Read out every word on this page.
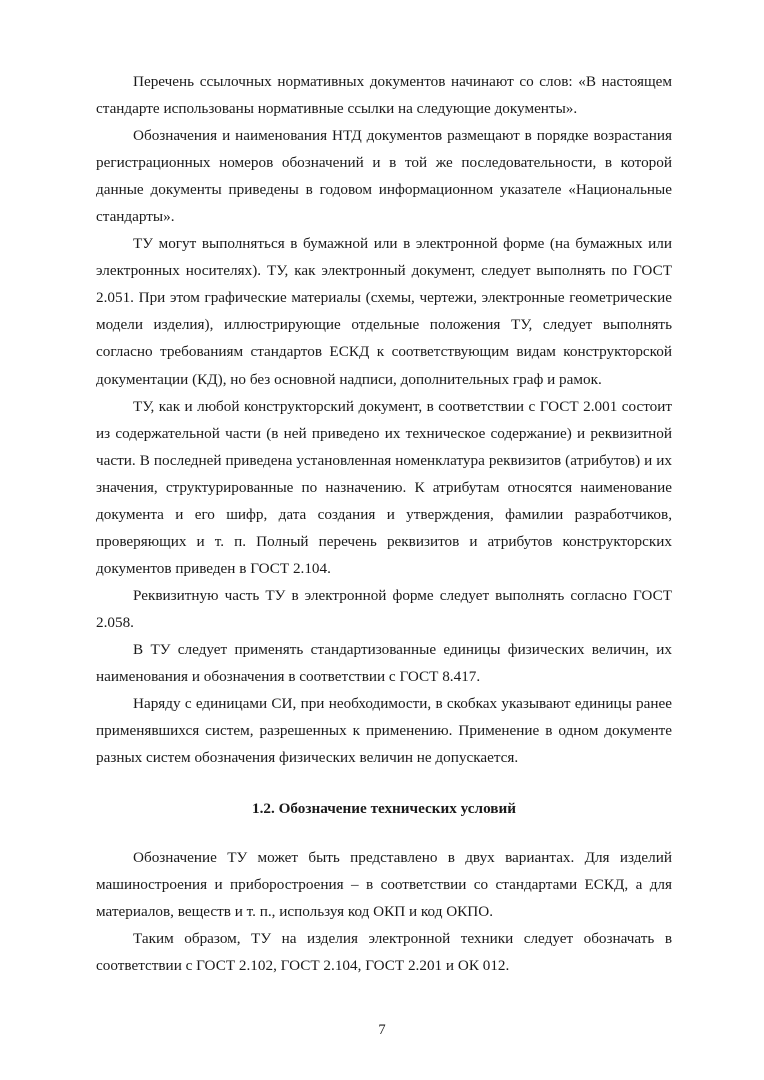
Перечень ссылочных нормативных документов начинают со слов: «В настоящем стандарте использованы нормативные ссылки на следующие документы».

Обозначения и наименования НТД документов размещают в порядке возрастания регистрационных номеров обозначений и в той же последовательности, в которой данные документы приведены в годовом информационном указателе «Национальные стандарты».

ТУ могут выполняться в бумажной или в электронной форме (на бумажных или электронных носителях). ТУ, как электронный документ, следует выполнять по ГОСТ 2.051. При этом графические материалы (схемы, чертежи, электронные геометрические модели изделия), иллюстрирующие отдельные положения ТУ, следует выполнять согласно требованиям стандартов ЕСКД к соответствующим видам конструкторской документации (КД), но без основной надписи, дополнительных граф и рамок.

ТУ, как и любой конструкторский документ, в соответствии с ГОСТ 2.001 состоит из содержательной части (в ней приведено их техническое содержание) и реквизитной части. В последней приведена установленная номенклатура реквизитов (атрибутов) и их значения, структурированные по назначению. К атрибутам относятся наименование документа и его шифр, дата создания и утверждения, фамилии разработчиков, проверяющих и т. п. Полный перечень реквизитов и атрибутов конструкторских документов приведен в ГОСТ 2.104.

Реквизитную часть ТУ в электронной форме следует выполнять согласно ГОСТ 2.058.

В ТУ следует применять стандартизованные единицы физических величин, их наименования и обозначения в соответствии с ГОСТ 8.417.

Наряду с единицами СИ, при необходимости, в скобках указывают единицы ранее применявшихся систем, разрешенных к применению. Применение в одном документе разных систем обозначения физических величин не допускается.

1.2. Обозначение технических условий

Обозначение ТУ может быть представлено в двух вариантах. Для изделий машиностроения и приборостроения – в соответствии со стандартами ЕСКД, а для материалов, веществ и т. п., используя код ОКП и код ОКПО.

Таким образом, ТУ на изделия электронной техники следует обозначать в соответствии с ГОСТ 2.102, ГОСТ 2.104, ГОСТ 2.201 и ОК 012.

7
